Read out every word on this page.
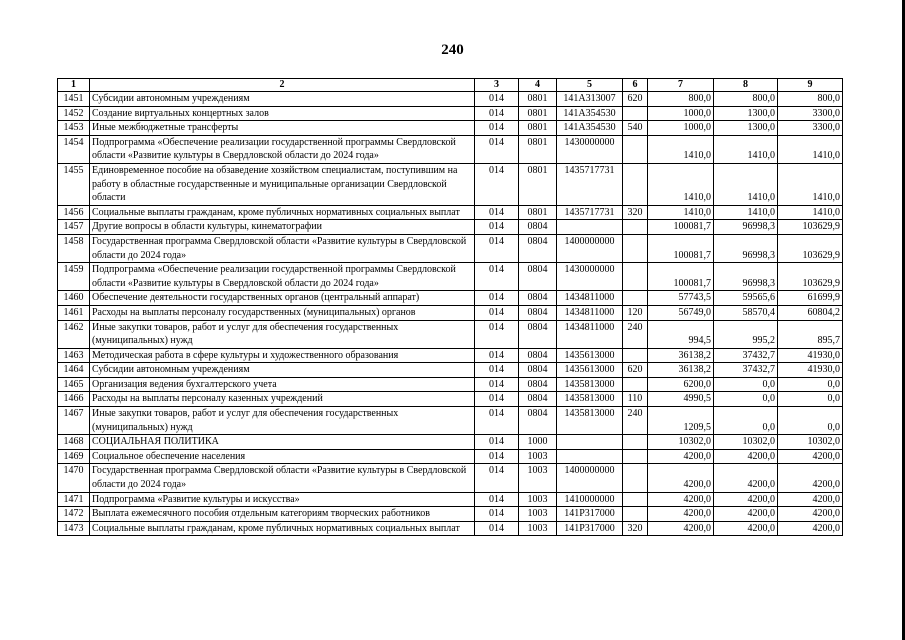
240
1	2	3	4	5	6	7	8	9
1451	Субсидии автономным учреждениям	014	0801	141A313007	620	800,0	800,0	800,0
1452	Создание виртуальных концертных залов	014	0801	141A354530		1000,0	1300,0	3300,0
1453	Иные межбюджетные трансферты	014	0801	141A354530	540	1000,0	1300,0	3300,0
1454	Подпрограмма «Обеспечение реализации государственной программы Свердловской области «Развитие культуры в Свердловской области до 2024 года»	014	0801	1430000000		1410,0	1410,0	1410,0
1455	Единовременное пособие на обзаведение хозяйством специалистам, поступившим на работу в областные государственные и муниципальные организации Свердловской области	014	0801	1435717731		1410,0	1410,0	1410,0
1456	Социальные выплаты гражданам, кроме публичных нормативных социальных выплат	014	0801	1435717731	320	1410,0	1410,0	1410,0
1457	Другие вопросы в области культуры, кинематографии	014	0804			100081,7	96998,3	103629,9
1458	Государственная программа Свердловской области «Развитие культуры в Свердловской области до 2024 года»	014	0804	1400000000		100081,7	96998,3	103629,9
1459	Подпрограмма «Обеспечение реализации государственной программы Свердловской области «Развитие культуры в Свердловской области до 2024 года»	014	0804	1430000000		100081,7	96998,3	103629,9
1460	Обеспечение деятельности государственных органов (центральный аппарат)	014	0804	1434811000		57743,5	59565,6	61699,9
1461	Расходы на выплаты персоналу государственных (муниципальных) органов	014	0804	1434811000	120	56749,0	58570,4	60804,2
1462	Иные закупки товаров, работ и услуг для обеспечения государственных (муниципальных) нужд	014	0804	1434811000	240	994,5	995,2	895,7
1463	Методическая работа в сфере культуры и художественного образования	014	0804	1435613000		36138,2	37432,7	41930,0
1464	Субсидии автономным учреждениям	014	0804	1435613000	620	36138,2	37432,7	41930,0
1465	Организация ведения бухгалтерского учета	014	0804	1435813000		6200,0	0,0	0,0
1466	Расходы на выплаты персоналу казенных учреждений	014	0804	1435813000	110	4990,5	0,0	0,0
1467	Иные закупки товаров, работ и услуг для обеспечения государственных (муниципальных) нужд	014	0804	1435813000	240	1209,5	0,0	0,0
1468	СОЦИАЛЬНАЯ ПОЛИТИКА	014	1000			10302,0	10302,0	10302,0
1469	Социальное обеспечение населения	014	1003			4200,0	4200,0	4200,0
1470	Государственная программа Свердловской области «Развитие культуры в Свердловской области до 2024 года»	014	1003	1400000000		4200,0	4200,0	4200,0
1471	Подпрограмма «Развитие культуры и искусства»	014	1003	1410000000		4200,0	4200,0	4200,0
1472	Выплата ежемесячного пособия отдельным категориям творческих работников	014	1003	141P317000		4200,0	4200,0	4200,0
1473	Социальные выплаты гражданам, кроме публичных нормативных социальных выплат	014	1003	141P317000	320	4200,0	4200,0	4200,0
